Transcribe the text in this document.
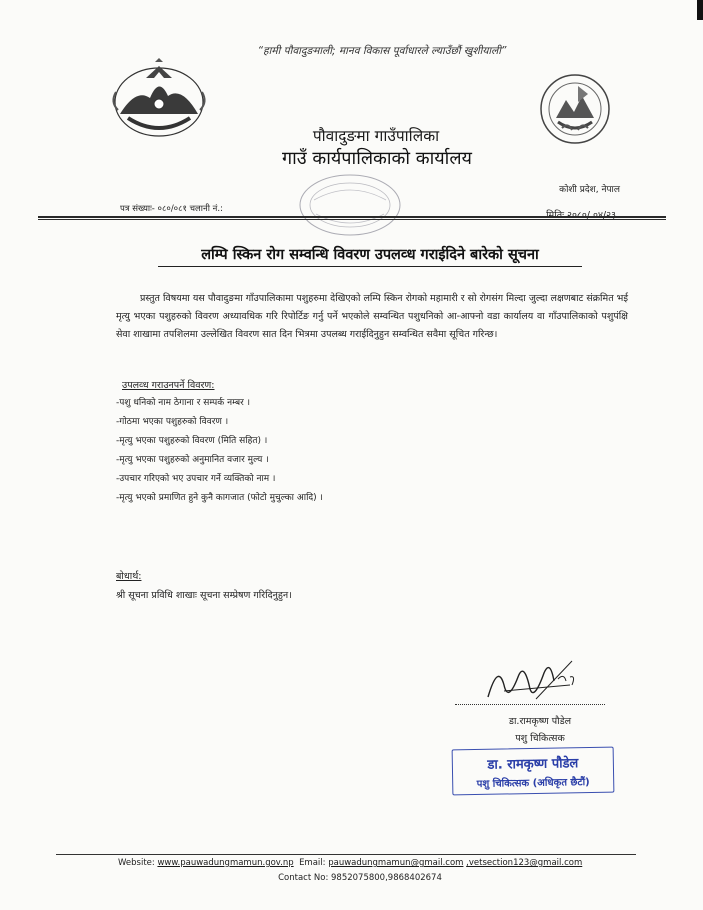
“हामी पौवादुङमाली; मानव विकास पूर्वाधारले ल्याउँछौं खुशीयाली”
पौवादुङमा गाउँपालिका
गाउँ कार्यपालिकाको कार्यालय
कोशी प्रदेश, नेपाल
पत्र संख्याः- ०८०/०८१ चलानी नं.:
लम्पि स्किन रोग सम्वन्धि विवरण उपलव्ध गराईदिने बारेको सूचना
प्रस्तुत विषयमा यस पौवादुङमा गाँउपालिकामा पशुहरुमा देखिएको लम्पि स्किन रोगको महामारी र सो रोगसंग मिल्दा जुल्दा लक्षणबाट संक्रमित भई मृत्यु भएका पशुहरुको विवरण अध्यावधिक गरि रिपोर्टिङ गर्नु पर्ने भएकोले सम्वन्धित पशुधनिको आ-आफ्नो वडा कार्यालय वा गाँउपालिकाको पशुपंक्षि सेवा शाखामा तपशिलमा उल्लेखित विवरण सात दिन भित्रमा उपलब्ध गराईदिनुहुन सम्वन्धित सवैमा सूचित गरिन्छ।
उपलव्ध गराउनपर्ने विवरण:
-पशु धनिको नाम ठेगाना र सम्पर्क नम्बर ।
-गोठमा भएका पशुहरुको विवरण ।
-मृत्यु भएका पशुहरुको विवरण (मिति सहित) ।
-मृत्यु भएका पशुहरुको अनुमानित वजार मुल्य ।
-उपचार गरिएको भए उपचार गर्ने व्यक्तिको नाम ।
-मृत्यु भएको प्रमाणित हुने कुनै कागजात (फोटो मुचुल्का आदि) ।
बोधार्थ:
श्री सूचना प्रविधि शाखाः सूचना सम्प्रेषण गरिदिनुहुन।
डा.रामकृष्ण पौडेल
पशु चिकित्सक
डा. रामकृष्ण पौडेल
पशु चिकित्सक (अधिकृत छैटौं)
Website: www.pauwadungmamun.gov.np Email: pauwadungmamun@gmail.com ,vetsection123@gmail.com
Contact No: 9852075800,9868402674
